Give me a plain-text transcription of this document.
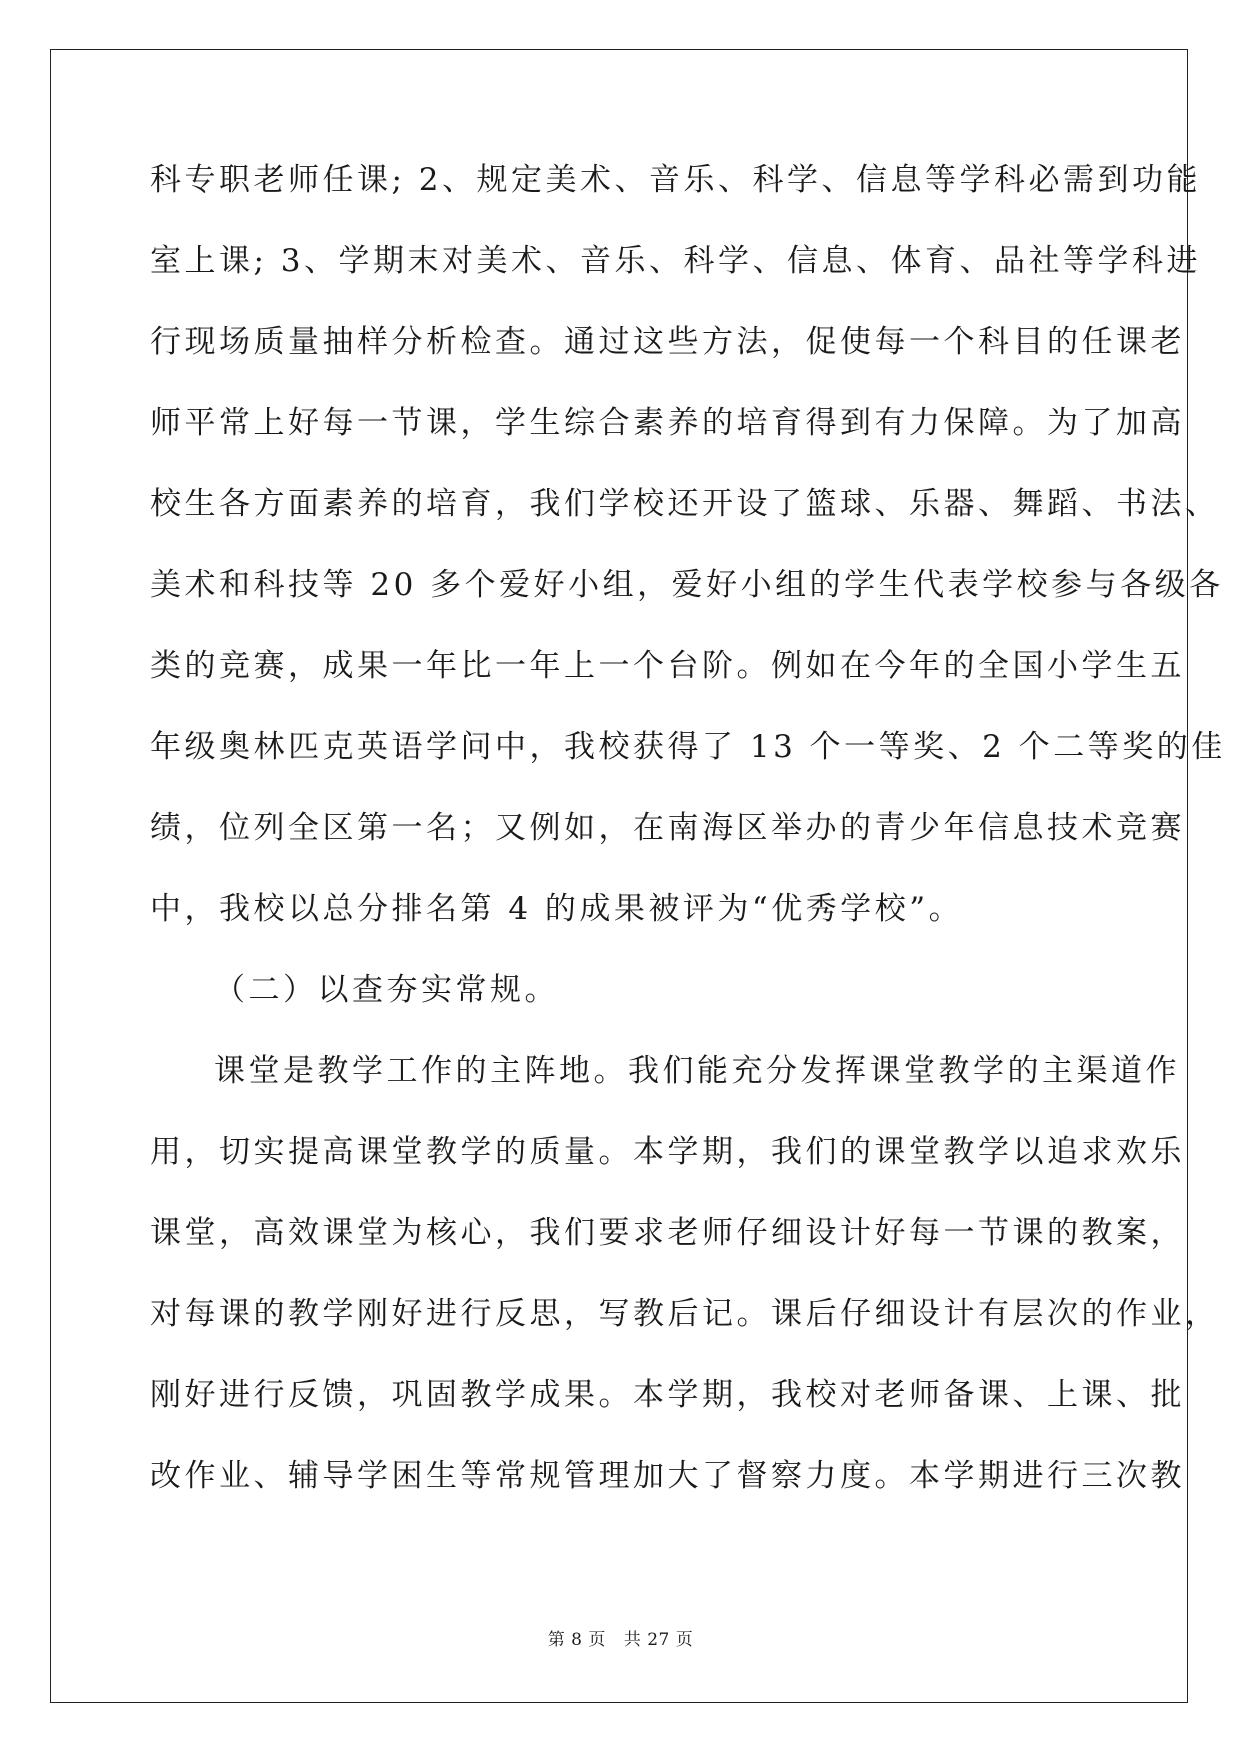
科专职老师任课; 2、规定美术、音乐、科学、信息等学科必需到功能
室上课; 3、学期末对美术、音乐、科学、信息、体育、品社等学科进
行现场质量抽样分析检查。通过这些方法，促使每一个科目的任课老
师平常上好每一节课，学生综合素养的培育得到有力保障。为了加高
校生各方面素养的培育，我们学校还开设了篮球、乐器、舞蹈、书法、
美术和科技等 20 多个爱好小组，爱好小组的学生代表学校参与各级各
类的竞赛，成果一年比一年上一个台阶。例如在今年的全国小学生五
年级奥林匹克英语学问中，我校获得了 13 个一等奖、2 个二等奖的佳
绩，位列全区第一名；又例如，在南海区举办的青少年信息技术竞赛
中，我校以总分排名第 4 的成果被评为“优秀学校”。
（二）以查夯实常规。
课堂是教学工作的主阵地。我们能充分发挥课堂教学的主渠道作
用，切实提高课堂教学的质量。本学期，我们的课堂教学以追求欢乐
课堂，高效课堂为核心，我们要求老师仔细设计好每一节课的教案，
对每课的教学刚好进行反思，写教后记。课后仔细设计有层次的作业，
刚好进行反馈，巩固教学成果。本学期，我校对老师备课、上课、批
改作业、辅导学困生等常规管理加大了督察力度。本学期进行三次教
第 8 页 共 27 页
